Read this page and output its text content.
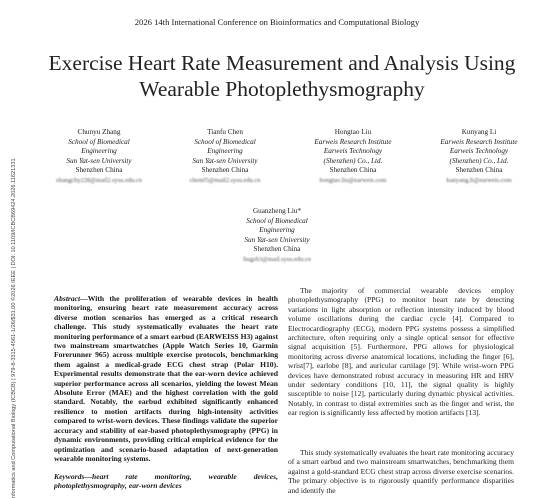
2026 14th International Conference on Bioinformatics and Computational Biology
Exercise Heart Rate Measurement and Analysis Using Wearable Photoplethysmography
Chunyu Zhang
School of Biomedical
Engineering
Sun Yat-sen University
Shenzhen China
zhangchy228@mail2.sysu.edu.cn
Tianfu Chen
School of Biomedical
Engineering
Sun Yat-sen University
Shenzhen China
chentf5@mail2.sysu.edu.cn
Hongtao Liu
Earweis Research Institute
Earweis Technology
(Shenzhen) Co., Ltd.
Shenzhen China
hongtao.liu@earweis.com
Kunyang Li
Earweis Research Institute
Earweis Technology
(Shenzhen) Co., Ltd.
Shenzhen China
kunyang.li@earweis.com
Guanzheng Liu*
School of Biomedical
Engineering
Sun Yat-sen University
Shenzhen China
liugzh3@mail.sysu.edu.cn
nformatics and Computational Biology (ICBCB) | 979-8-3315-4561-1/26/$31.00 ©2026 IEEE | DOI: 10.1109/ICBCB69424.2026.11621331	Abstract—With the proliferation of wearable devices in health monitoring, ensuring heart rate measurement accuracy across diverse motion scenarios has emerged as a critical research challenge. This study systematically evaluates the heart rate monitoring performance of a smart earbud (EARWEISS H3) against two mainstream smartwatches (Apple Watch Series 10, Garmin Forerunner 965) across multiple exercise protocols, benchmarking them against a medical-grade ECG chest strap (Polar H10). Experimental results demonstrate that the ear-worn device achieved superior performance across all scenarios, yielding the lowest Mean Absolute Error (MAE) and the highest correlation with the gold standard. Notably, the earbud exhibited significantly enhanced resilience to motion artifacts during high-intensity activities compared to wrist-worn devices. These findings validate the superior accuracy and stability of ear-based photoplethysmography (PPG) in dynamic environments, providing critical empirical evidence for the optimization and scenario-based adaptation of next-generation wearable monitoring systems.

Keywords—heart rate monitoring, wearable devices, photoplethysmography, ear-worn devices

The majority of commercial wearable devices employ photoplethysmography (PPG) to monitor heart rate by detecting variations in light absorption or reflection intensity induced by blood volume oscillations during the cardiac cycle [4]. Compared to Electrocardiography (ECG), modern PPG systems possess a simplified architecture, often requiring only a single optical sensor for effective signal acquisition [5]. Furthermore, PPG allows for physiological monitoring across diverse anatomical locations, including the finger [6], wrist[7], earlobe [8], and auricular cartilage [9]. While wrist-worn PPG devices have demonstrated robust accuracy in measuring HR and HRV under sedentary conditions [10, 11], the signal quality is highly susceptible to noise [12], particularly during dynamic physical activities. Notably, in contrast to distal extremities such as the finger and wrist, the ear region is significantly less affected by motion artifacts [13].
This study systematically evaluates the heart rate monitoring accuracy of a smart earbud and two mainstream smartwatches, benchmarking them against a gold-standard ECG chest strap across diverse exercise scenarios. The primary objective is to rigorously quantify performance disparities and identify the
